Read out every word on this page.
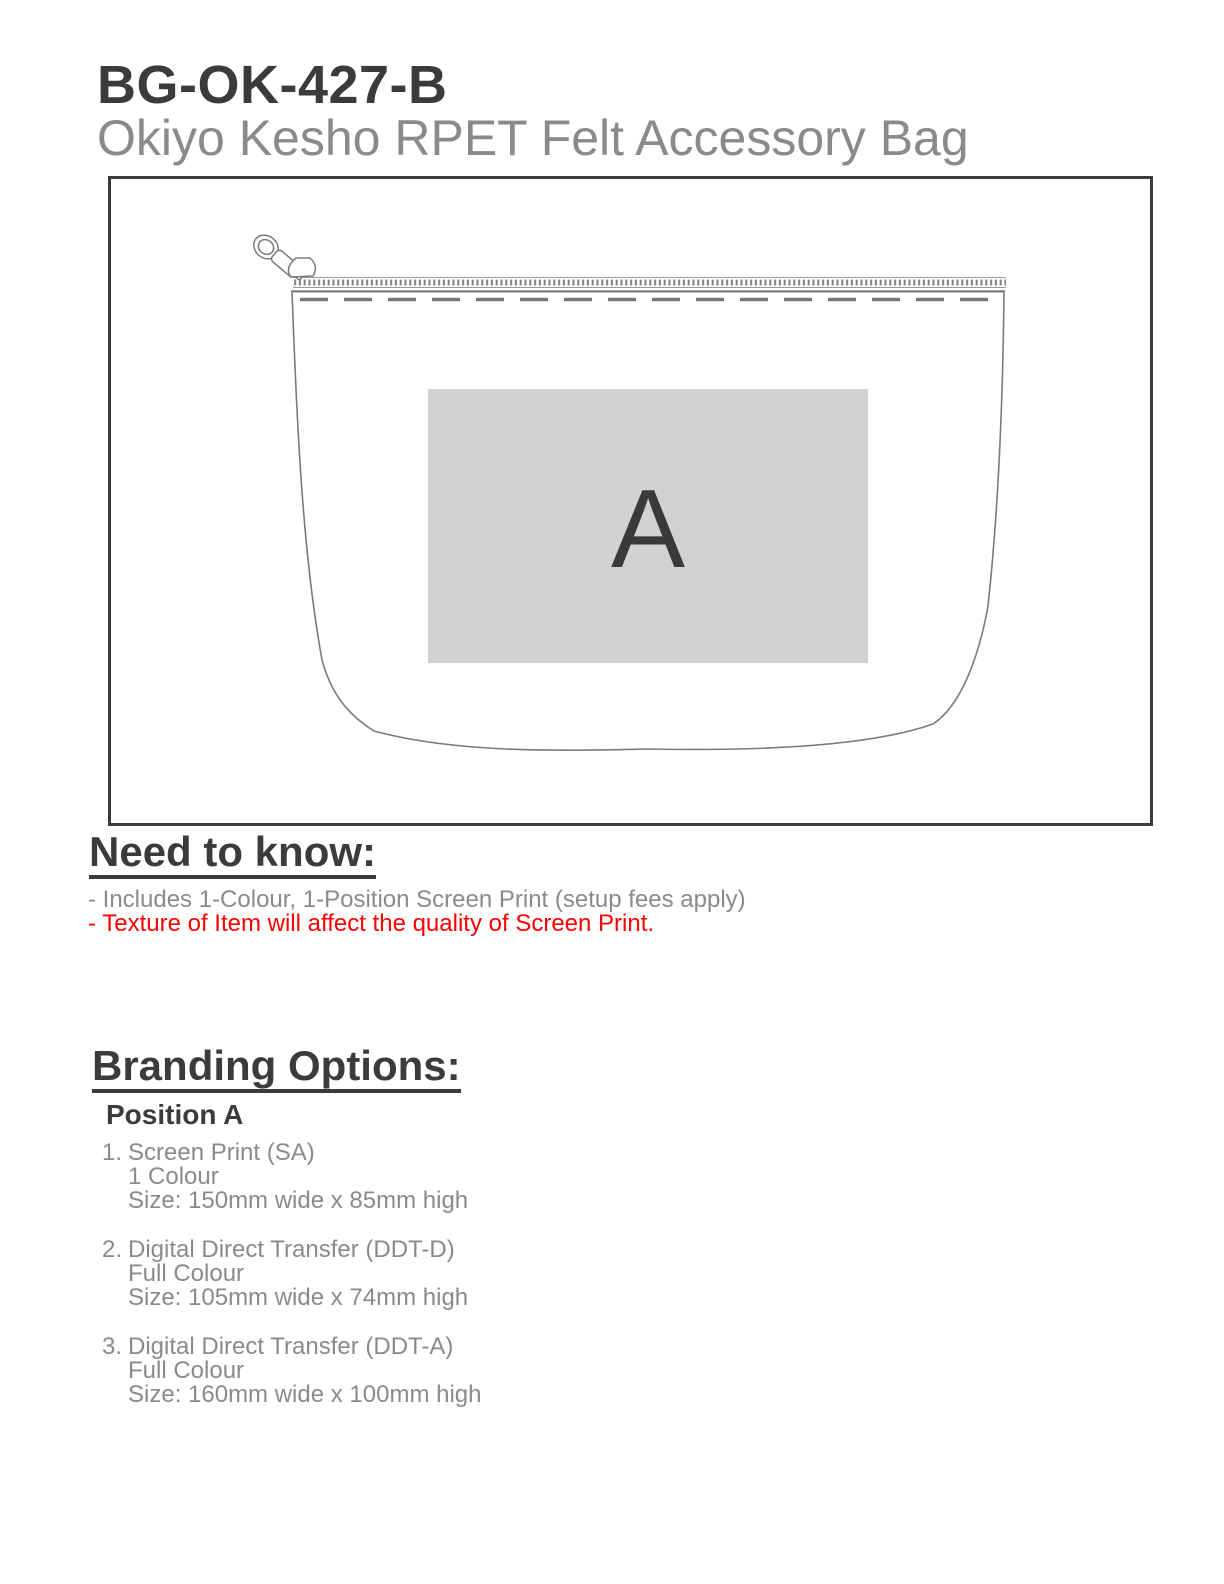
BG-OK-427-B
Okiyo Kesho RPET Felt Accessory Bag
A
Need to know:
- Includes 1-Colour, 1-Position Screen Print (setup fees apply)
- Texture of Item will affect the quality of Screen Print.
Branding Options:
Position A
1. Screen Print (SA)
1 Colour
Size: 150mm wide x 85mm high
2. Digital Direct Transfer (DDT-D)
Full Colour
Size: 105mm wide x 74mm high
3. Digital Direct Transfer (DDT-A)
Full Colour
Size: 160mm wide x 100mm high
